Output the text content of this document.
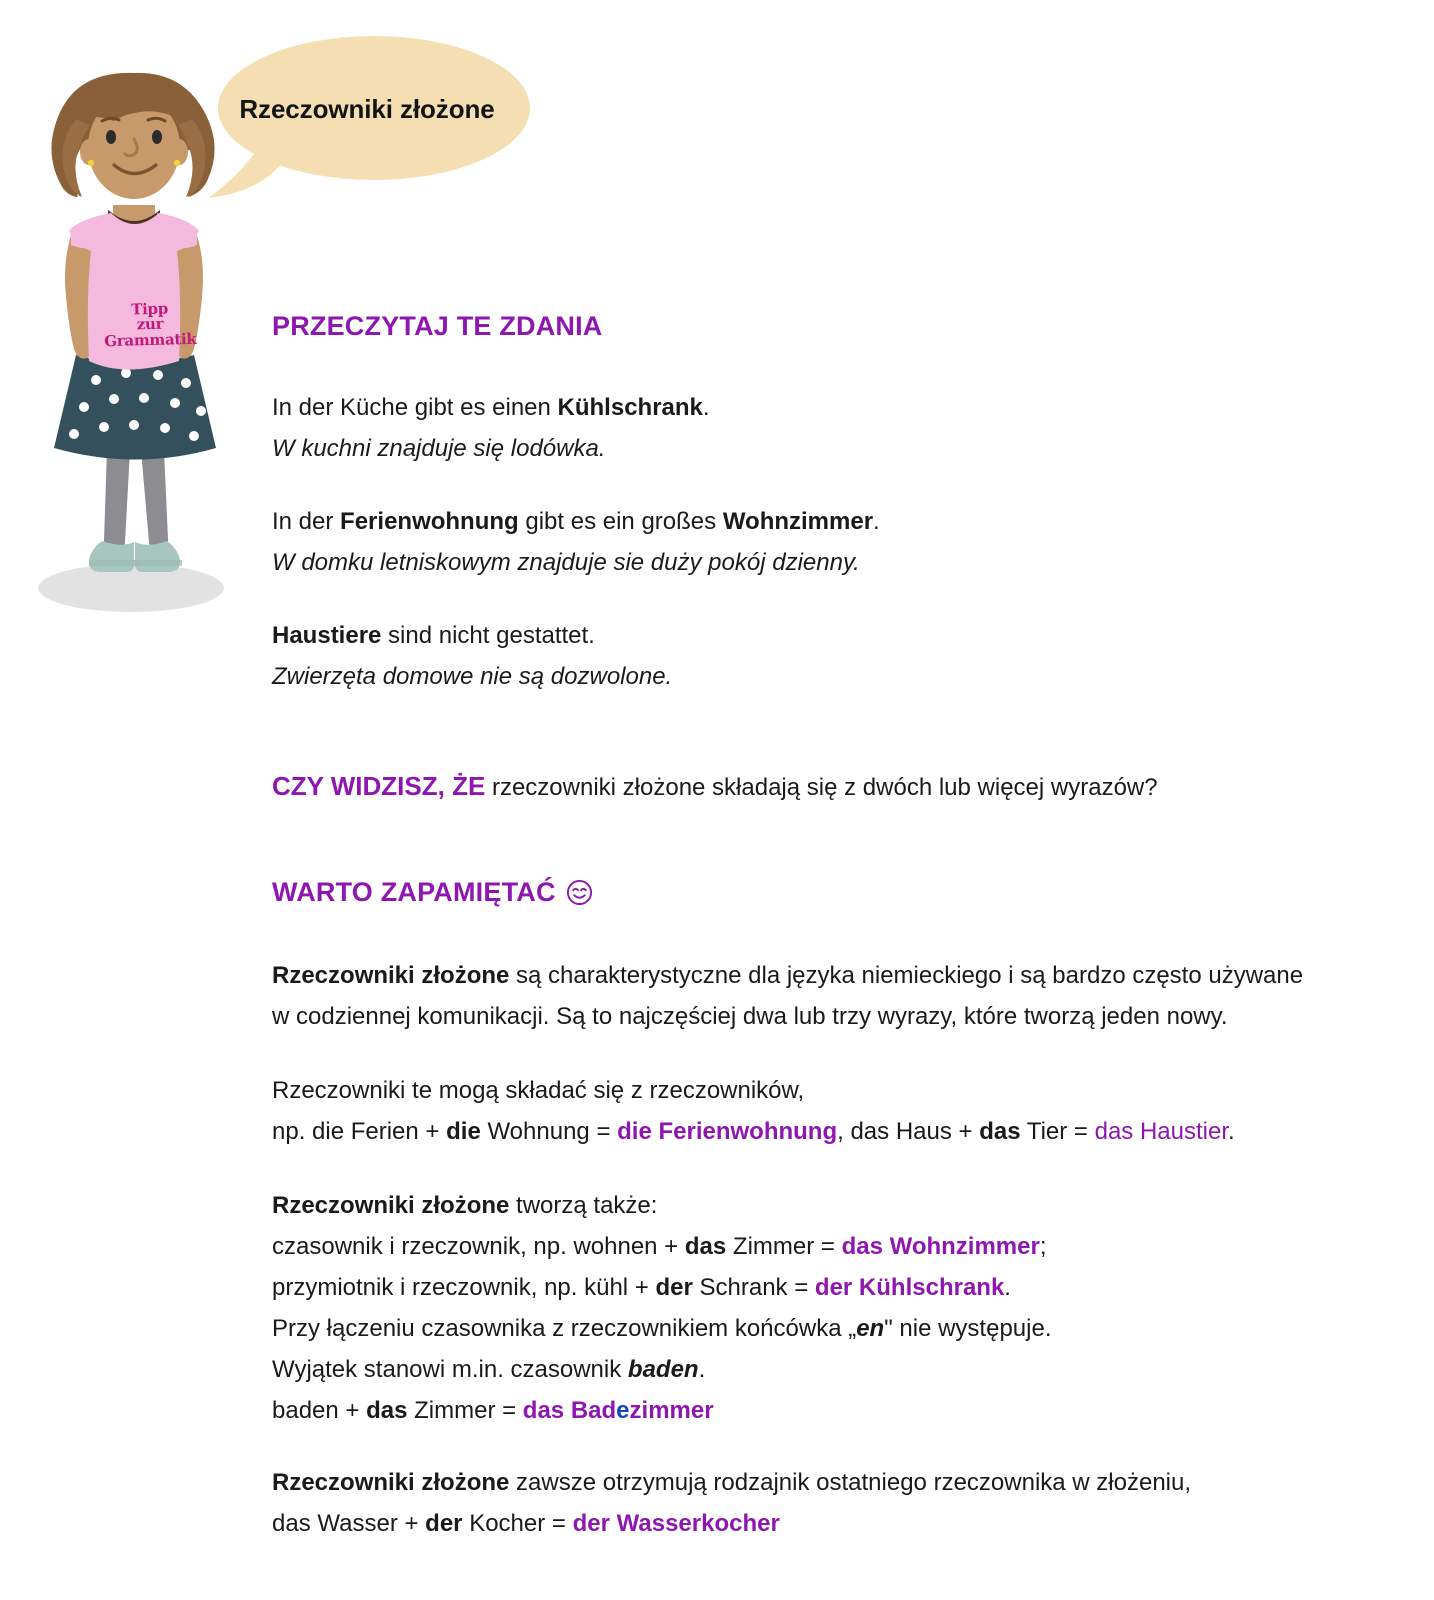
Tipp
zur
Grammatik
Rzeczowniki złożone
PRZECZYTAJ TE ZDANIA
In der Küche gibt es einen Kühlschrank.
W kuchni znajduje się lodówka.
In der Ferienwohnung gibt es ein großes Wohnzimmer.
W domku letniskowym znajduje sie duży pokój dzienny.
Haustiere sind nicht gestattet.
Zwierzęta domowe nie są dozwolone.
CZY WIDZISZ, ŻE rzeczowniki złożone składają się z dwóch lub więcej wyrazów?
WARTO ZAPAMIĘTAĆ
Rzeczowniki złożone są charakterystyczne dla języka niemieckiego i są bardzo często używane
w codziennej komunikacji. Są to najczęściej dwa lub trzy wyrazy, które tworzą jeden nowy.
Rzeczowniki te mogą składać się z rzeczowników,
np. die Ferien + die Wohnung = die Ferienwohnung, das Haus + das Tier = das Haustier.
Rzeczowniki złożone tworzą także:
czasownik i rzeczownik, np. wohnen + das Zimmer = das Wohnzimmer;
przymiotnik i rzeczownik, np. kühl + der Schrank = der Kühlschrank.
Przy łączeniu czasownika z rzeczownikiem końcówka „en" nie występuje.
Wyjątek stanowi m.in. czasownik baden.
baden + das Zimmer = das Badezimmer
Rzeczowniki złożone zawsze otrzymują rodzajnik ostatniego rzeczownika w złożeniu,
das Wasser + der Kocher = der Wasserkocher
